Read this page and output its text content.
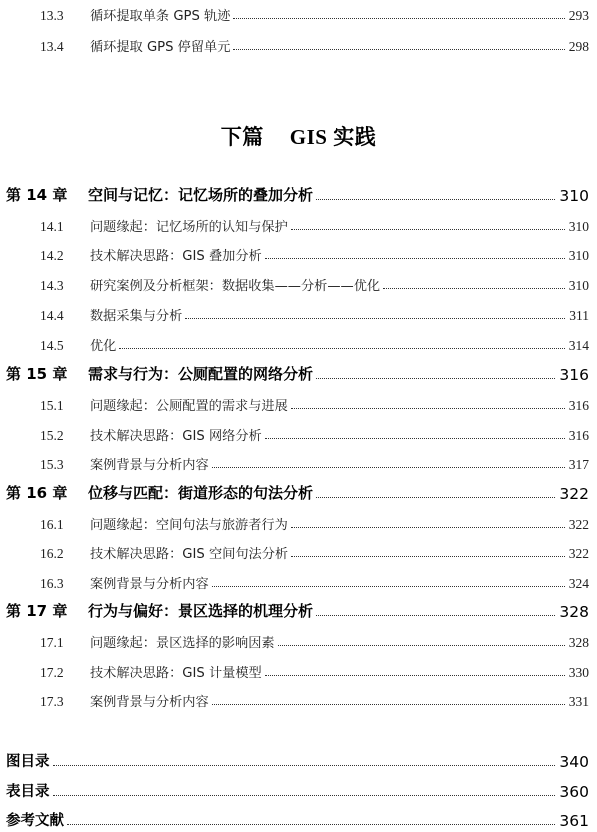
13.3	循环提取单条 GPS 轨迹	293
13.4	循环提取 GPS 停留单元	298
下篇 GIS 实践
第 14 章	空间与记忆：记忆场所的叠加分析	310
14.1	问题缘起：记忆场所的认知与保护	310
14.2	技术解决思路：GIS 叠加分析	310
14.3	研究案例及分析框架：数据收集——分析——优化	310
14.4	数据采集与分析	311
14.5	优化	314
第 15 章	需求与行为：公厕配置的网络分析	316
15.1	问题缘起：公厕配置的需求与进展	316
15.2	技术解决思路：GIS 网络分析	316
15.3	案例背景与分析内容	317
第 16 章	位移与匹配：街道形态的句法分析	322
16.1	问题缘起：空间句法与旅游者行为	322
16.2	技术解决思路：GIS 空间句法分析	322
16.3	案例背景与分析内容	324
第 17 章	行为与偏好：景区选择的机理分析	328
17.1	问题缘起：景区选择的影响因素	328
17.2	技术解决思路：GIS 计量模型	330
17.3	案例背景与分析内容	331
图目录	340
表目录	360
参考文献	361
